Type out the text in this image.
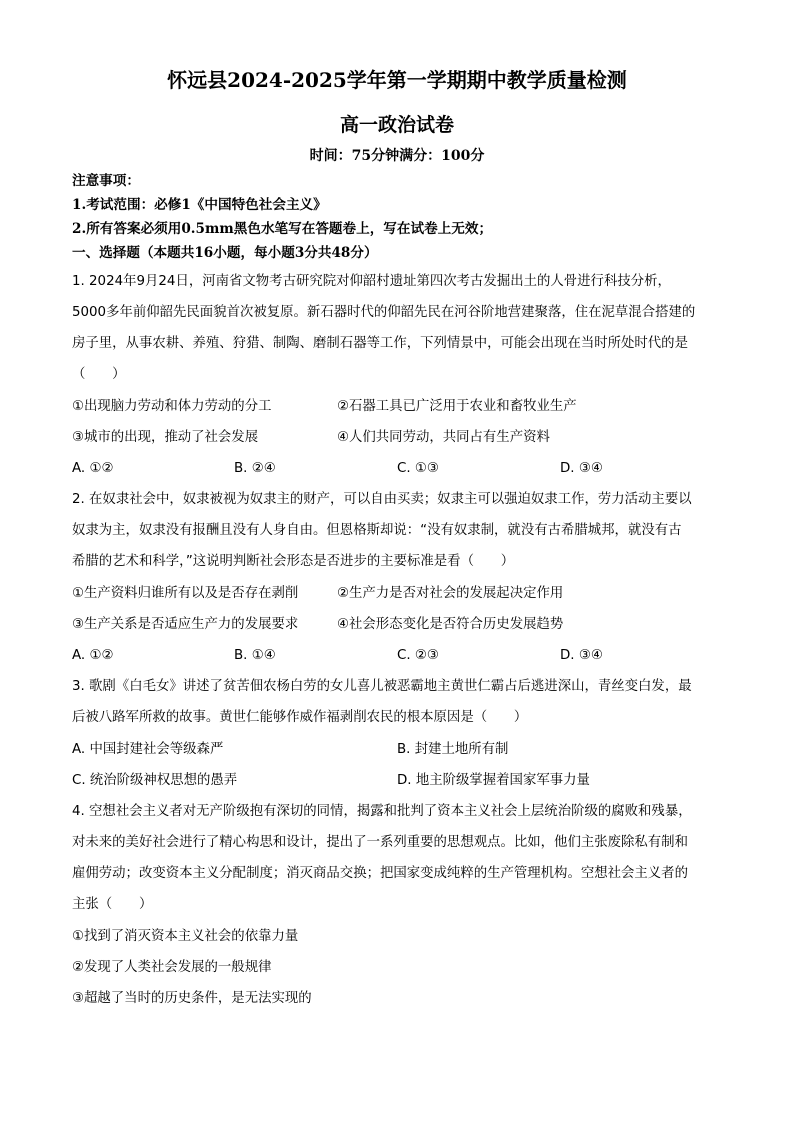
怀远县2024-2025学年第一学期期中教学质量检测
高一政治试卷
时间：75分钟满分：100分
注意事项：
1.考试范围：必修1《中国特色社会主义》
2.所有答案必须用0.5mm黑色水笔写在答题卷上，写在试卷上无效；
一、选择题（本题共16小题，每小题3分共48分）
1. 2024年9月24日，河南省文物考古研究院对仰韶村遗址第四次考古发掘出土的人骨进行科技分析，
5000多年前仰韶先民面貌首次被复原。新石器时代的仰韶先民在河谷阶地营建聚落，住在泥草混合搭建的
房子里，从事农耕、养殖、狩猎、制陶、磨制石器等工作，下列情景中，可能会出现在当时所处时代的是
（　　）
①出现脑力劳动和体力劳动的分工	②石器工具已广泛用于农业和畜牧业生产
③城市的出现，推动了社会发展	④人们共同劳动，共同占有生产资料
A. ①②	B. ②④	C. ①③	D. ③④
2. 在奴隶社会中，奴隶被视为奴隶主的财产，可以自由买卖；奴隶主可以强迫奴隶工作，劳力活动主要以
奴隶为主，奴隶没有报酬且没有人身自由。但恩格斯却说：“没有奴隶制，就没有古希腊城邦，就没有古
希腊的艺术和科学，”这说明判断社会形态是否进步的主要标准是看（　　）
①生产资料归谁所有以及是否存在剥削	②生产力是否对社会的发展起决定作用
③生产关系是否适应生产力的发展要求	④社会形态变化是否符合历史发展趋势
A. ①②	B. ①④	C. ②③	D. ③④
3. 歌剧《白毛女》讲述了贫苦佃农杨白劳的女儿喜儿被恶霸地主黄世仁霸占后逃进深山，青丝变白发，最
后被八路军所救的故事。黄世仁能够作威作福剥削农民的根本原因是（　　）
A. 中国封建社会等级森严	B. 封建土地所有制
C. 统治阶级神权思想的愚弄	D. 地主阶级掌握着国家军事力量
4. 空想社会主义者对无产阶级抱有深切的同情，揭露和批判了资本主义社会上层统治阶级的腐败和残暴，
对未来的美好社会进行了精心构思和设计，提出了一系列重要的思想观点。比如，他们主张废除私有制和
雇佣劳动；改变资本主义分配制度；消灭商品交换；把国家变成纯粹的生产管理机构。空想社会主义者的
主张（　　）
①找到了消灭资本主义社会的依靠力量
②发现了人类社会发展的一般规律
③超越了当时的历史条件，是无法实现的
